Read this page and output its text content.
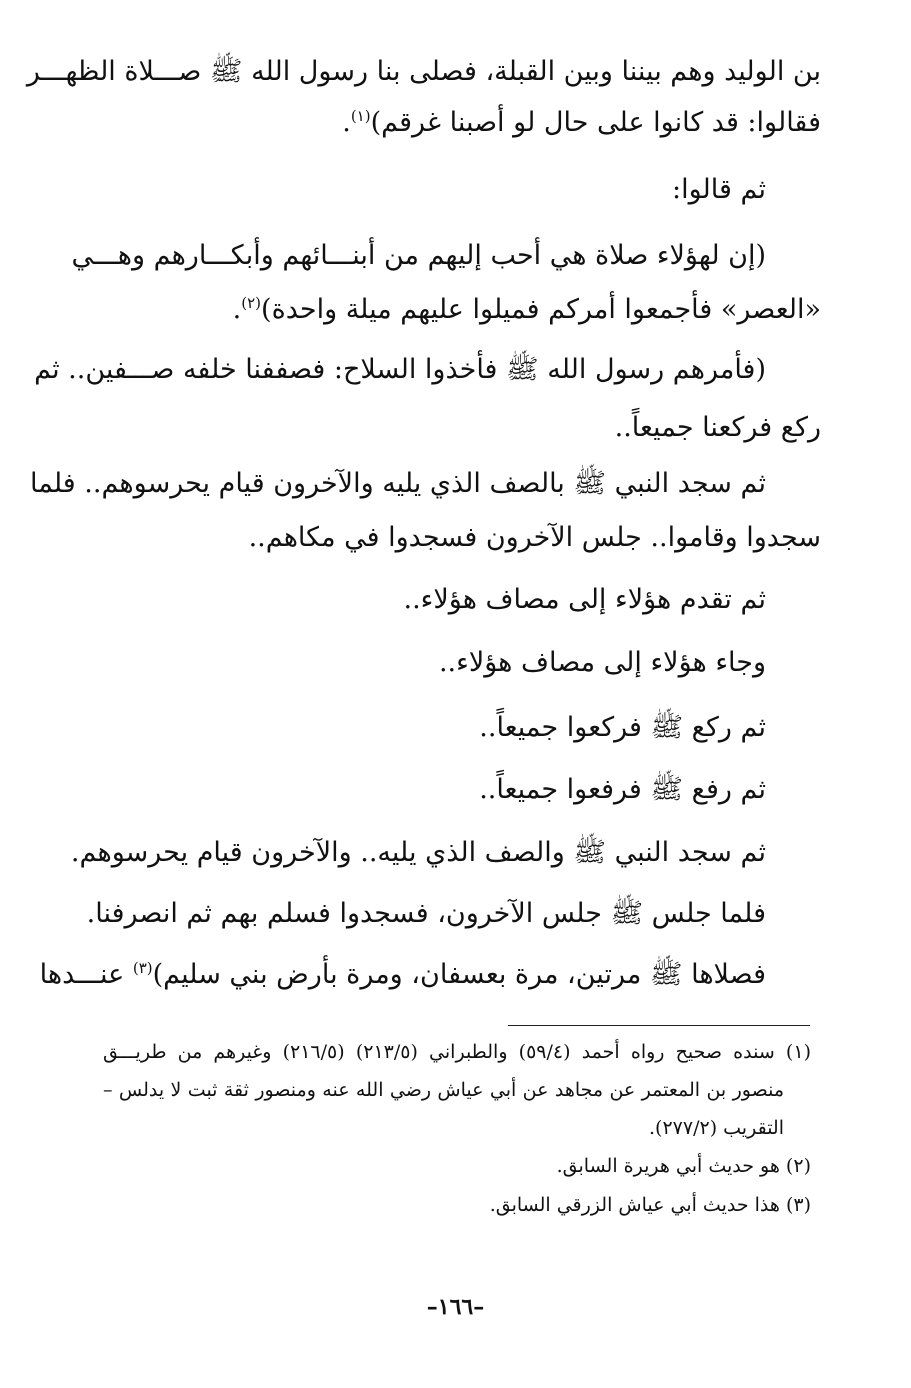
بن الوليد وهم بيننا وبين القبلة، فصلى بنا رسول الله ﷺ صـــلاة الظهـــر
فقالوا: قد كانوا على حال لو أصبنا غرقم)$^{(١)}$.
ثم قالوا:
(إن لهؤلاء صلاة هي أحب إليهم من أبنـــائهم وأبكـــارهم وهـــي
«العصر» فأجمعوا أمركم فميلوا عليهم ميلة واحدة)$^{(٢)}$.
(فأمرهم رسول الله ﷺ فأخذوا السلاح: فصففنا خلفه صـــفين.. ثم
ركع فركعنا جميعاً..
ثم سجد النبي ﷺ بالصف الذي يليه والآخرون قيام يحرسوهم.. فلما
سجدوا وقاموا.. جلس الآخرون فسجدوا في مكاهم..
ثم تقدم هؤلاء إلى مصاف هؤلاء..
وجاء هؤلاء إلى مصاف هؤلاء..
ثم ركع ﷺ فركعوا جميعاً..
ثم رفع ﷺ فرفعوا جميعاً..
ثم سجد النبي ﷺ والصف الذي يليه.. والآخرون قيام يحرسوهم.
فلما جلس ﷺ جلس الآخرون، فسجدوا فسلم بهم ثم انصرفنا.
فصلاها ﷺ مرتين، مرة بعسفان، ومرة بأرض بني سليم)$^{(٣)}$ عنـــدها
(١) سنده صحيح رواه أحمد (٥٩/٤) والطبراني (٢١٣/٥) (٢١٦/٥) وغيرهم من طريـــق
منصور بن المعتمر عن مجاهد عن أبي عياش رضي الله عنه ومنصور ثقة ثبت لا يدلس –
التقريب (٢٧٧/٢).
(٢) هو حديث أبي هريرة السابق.
(٣) هذا حديث أبي عياش الزرقي السابق.
–١٦٦–
